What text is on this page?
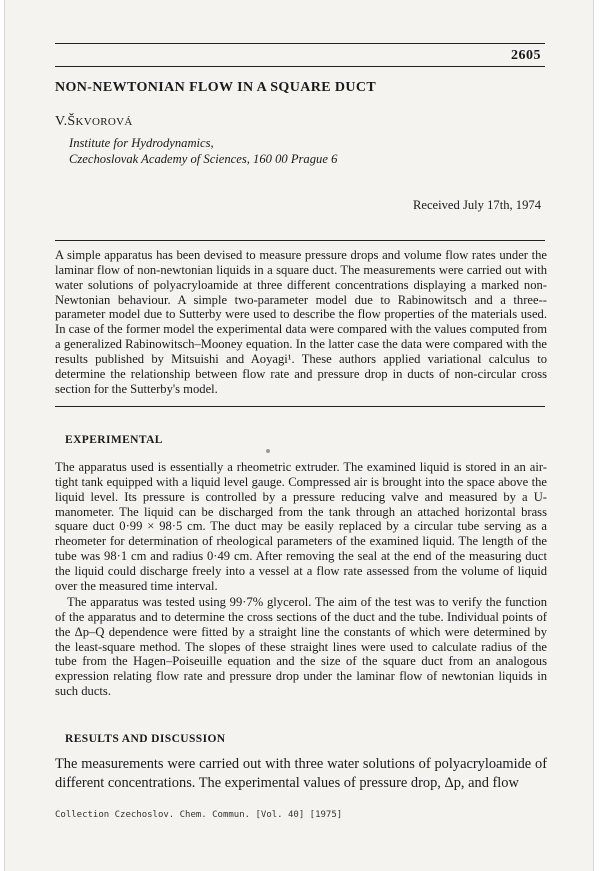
2605
NON-NEWTONIAN FLOW IN A SQUARE DUCT
V.ŠKVOROVÁ
Institute for Hydrodynamics,
Czechoslovak Academy of Sciences, 160 00 Prague 6
Received July 17th, 1974

A simple apparatus has been devised to measure pressure drops and volume flow rates under the laminar flow of non-newtonian liquids in a square duct. The measurements were carried out with water solutions of polyacryloamide at three different concentrations displaying a marked non-Newtonian behaviour. A simple two-parameter model due to Rabinowitsch and a three--parameter model due to Sutterby were used to describe the flow properties of the materials used. In case of the former model the experimental data were compared with the values computed from a generalized Rabinowitsch–Mooney equation. In the latter case the data were compared with the results published by Mitsuishi and Aoyagi¹. These authors applied variational calculus to determine the relationship between flow rate and pressure drop in ducts of non-circular cross section for the Sutterby's model.

EXPERIMENTAL

The apparatus used is essentially a rheometric extruder. The examined liquid is stored in an air-tight tank equipped with a liquid level gauge. Compressed air is brought into the space above the liquid level. Its pressure is controlled by a pressure reducing valve and measured by a U-manometer. The liquid can be discharged from the tank through an attached horizontal brass square duct 0·99 × 98·5 cm. The duct may be easily replaced by a circular tube serving as a rheometer for determination of rheological parameters of the examined liquid. The length of the tube was 98·1 cm and radius 0·49 cm. After removing the seal at the end of the measuring duct the liquid could discharge freely into a vessel at a flow rate assessed from the volume of liquid over the measured time interval.

The apparatus was tested using 99·7% glycerol. The aim of the test was to verify the function of the apparatus and to determine the cross sections of the duct and the tube. Individual points of the Δp–Q dependence were fitted by a straight line the constants of which were determined by the least-square method. The slopes of these straight lines were used to calculate radius of the tube from the Hagen–Poiseuille equation and the size of the square duct from an analogous expression relating flow rate and pressure drop under the laminar flow of newtonian liquids in such ducts.

RESULTS AND DISCUSSION

The measurements were carried out with three water solutions of polyacryloamide of different concentrations. The experimental values of pressure drop, Δp, and flow

Collection Czechoslov. Chem. Commun. [Vol. 40] [1975]
